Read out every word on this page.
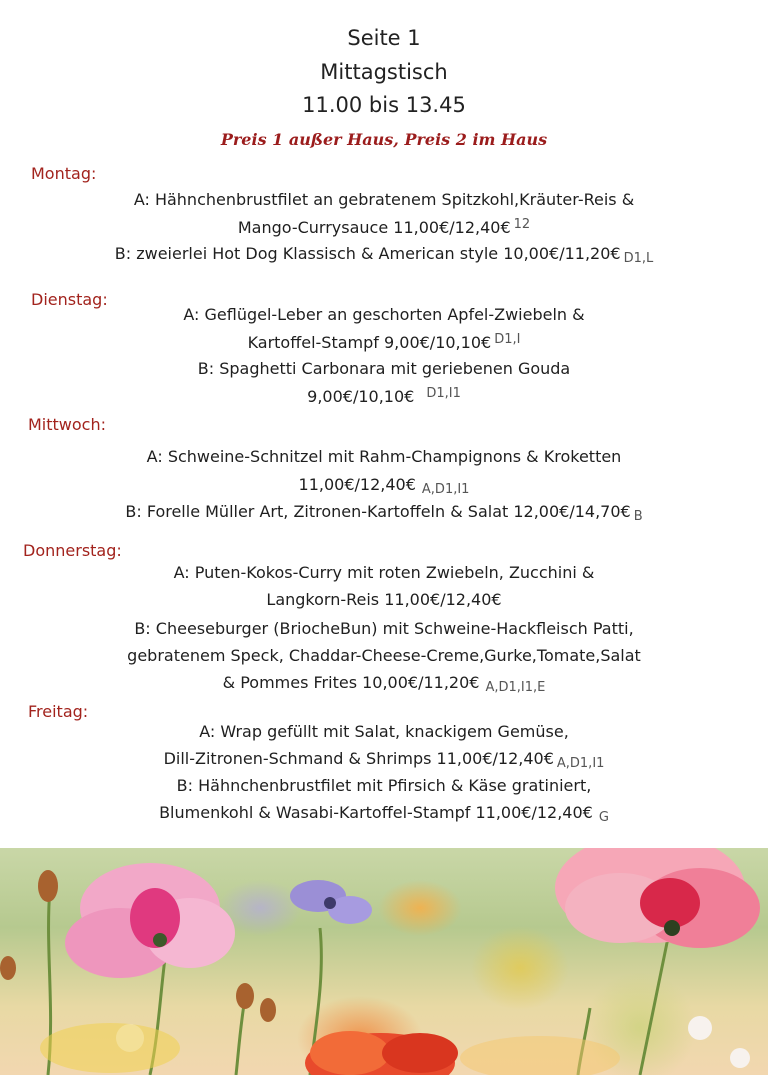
Seite 1
Mittagstisch
11.00 bis 13.45
Preis 1 außer Haus, Preis 2 im Haus
Montag:
A: Hähnchenbrustfilet an gebratenem Spitzkohl,Kräuter-Reis &
Mango-Currysauce 11,00€/12,40€ $^{12}$
B: zweierlei Hot Dog Klassisch & American style 10,00€/11,20€ D1,L
Dienstag:
A: Geflügel-Leber an geschorten Apfel-Zwiebeln &
Kartoffel-Stampf 9,00€/10,10€ $^{D1,I}$
B: Spaghetti Carbonara mit geriebenen Gouda
9,00€/10,10€ $^{D1,I1}$
Mittwoch:
A: Schweine-Schnitzel mit Rahm-Champignons & Kroketten
11,00€/12,40€ A,D1,I1
B: Forelle Müller Art, Zitronen-Kartoffeln & Salat 12,00€/14,70€ B
Donnerstag:
A: Puten-Kokos-Curry mit roten Zwiebeln, Zucchini &
Langkorn-Reis 11,00€/12,40€
B: Cheeseburger (BriocheBun) mit Schweine-Hackfleisch Patti,
gebratenem Speck, Chaddar-Cheese-Creme,Gurke,Tomate,Salat
& Pommes Frites 10,00€/11,20€ A,D1,I1,E
Freitag:
A: Wrap gefüllt mit Salat, knackigem Gemüse,
Dill-Zitronen-Schmand & Shrimps 11,00€/12,40€ A,D1,I1
B: Hähnchenbrustfilet mit Pfirsich & Käse gratiniert,
Blumenkohl & Wasabi-Kartoffel-Stampf 11,00€/12,40€ G
